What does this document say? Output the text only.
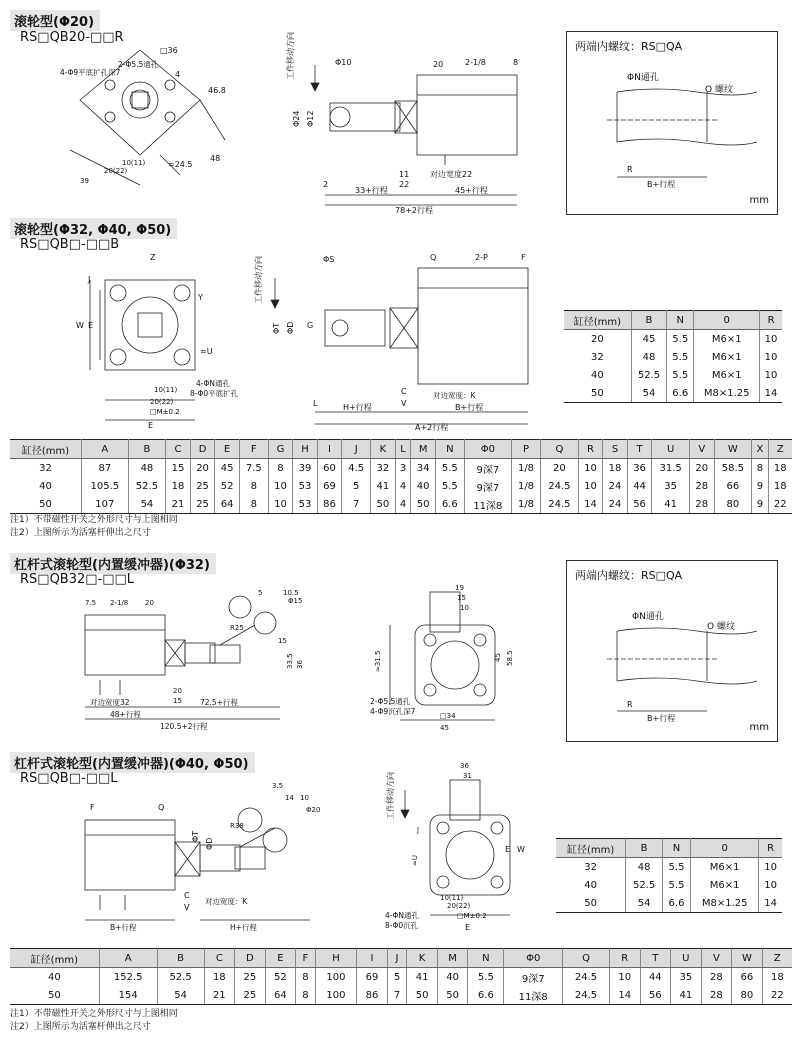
滚轮型(Φ20)
RS□QB20-□□R
□36
2-Φ5.5通孔
4-Φ9平底扩孔深7
46.8
4
≈24.5
48
10(11)
20(22)
39
工件移动方向	Φ10
Φ24 Φ12
20	2-1/8	8
11
22
2
对边宽度22
33+行程	45+行程
78+2行程
两端内螺纹：RS□QA
ΦN通孔
O 螺纹
R
B+行程
mm
滚轮型(Φ32, Φ40, Φ50)
RS□QB□-□□B
Z
J
W E
≈U
Y
4-ΦN通孔
8-Φ0平底扩孔
10(11)
20(22)
□M±0.2
E
工件移动方向	ΦS
ΦT ΦD G
Q	2-P	F
L
C
V
对边宽度：K
H+行程	B+行程
A+2行程
缸径(mm)	B	N	0	R
20	45	5.5	M6×1	10
32	48	5.5	M6×1	10
40	52.5	5.5	M6×1	10
50	54	6.6	M8×1.25	14
缸径(mm)	A	B	C	D	E	F	G	H	I	J	K	L	M	N	Φ0	P	Q	R	S	T	U	V	W	X	Z
32	87	48	15	20	45	7.5	8	39	60	4.5	32	3	34	5.5	9深7	1/8	20	10	18	36	31.5	20	58.5	8	18
40	105.5	52.5	18	25	52	8	10	53	69	5	41	4	40	5.5	9深7	1/8	24.5	10	24	44	35	28	66	9	18
50	107	54	21	25	64	8	10	53	86	7	50	4	50	6.6	11深8	1/8	24.5	14	24	56	41	28	80	9	22
注1）不带磁性开关之外形尺寸与上图相同
注2）上图所示为活塞杆伸出之尺寸
杠杆式滚轮型(内置缓冲器)(Φ32)
RS□QB32□-□□L
7.5 2-1/8 20
5	10.5
Φ15
R25
15
33.5 36
对边宽度32
20
15
48+行程
72.5+行程
120.5+2行程
19
15
10
≈31.5	45 58.5
2-Φ5.5通孔
4-Φ9沉孔深7	□34
45
两端内螺纹：RS□QA
ΦN通孔
O 螺纹
R
B+行程
mm
杠杆式滚轮型(内置缓冲器)(Φ40, Φ50)
RS□QB□-□□L
F	Q
3.5
14 10
Φ20
ΦT
ΦD
R38
C
V
对边宽度：K
B+行程	H+行程
工件移动方向
36
31
J
≈U
W
E
4-ΦN通孔
8-Φ0沉孔
10(11)
20(22)
□M±0.2
E
缸径(mm)	B	N	0	R
32	48	5.5	M6×1	10
40	52.5	5.5	M6×1	10
50	54	6.6	M8×1.25	14
缸径(mm)	A	B	C	D	E	F	H	I	J	K	M	N	Φ0	Q	R	T	U	V	W	Z
40	152.5	52.5	18	25	52	8	100	69	5	41	40	5.5	9深7	24.5	10	44	35	28	66	18
50	154	54	21	25	64	8	100	86	7	50	50	6.6	11深8	24.5	14	56	41	28	80	22
注1）不带磁性开关之外形尺寸与上图相同
注2）上图所示为活塞杆伸出之尺寸
